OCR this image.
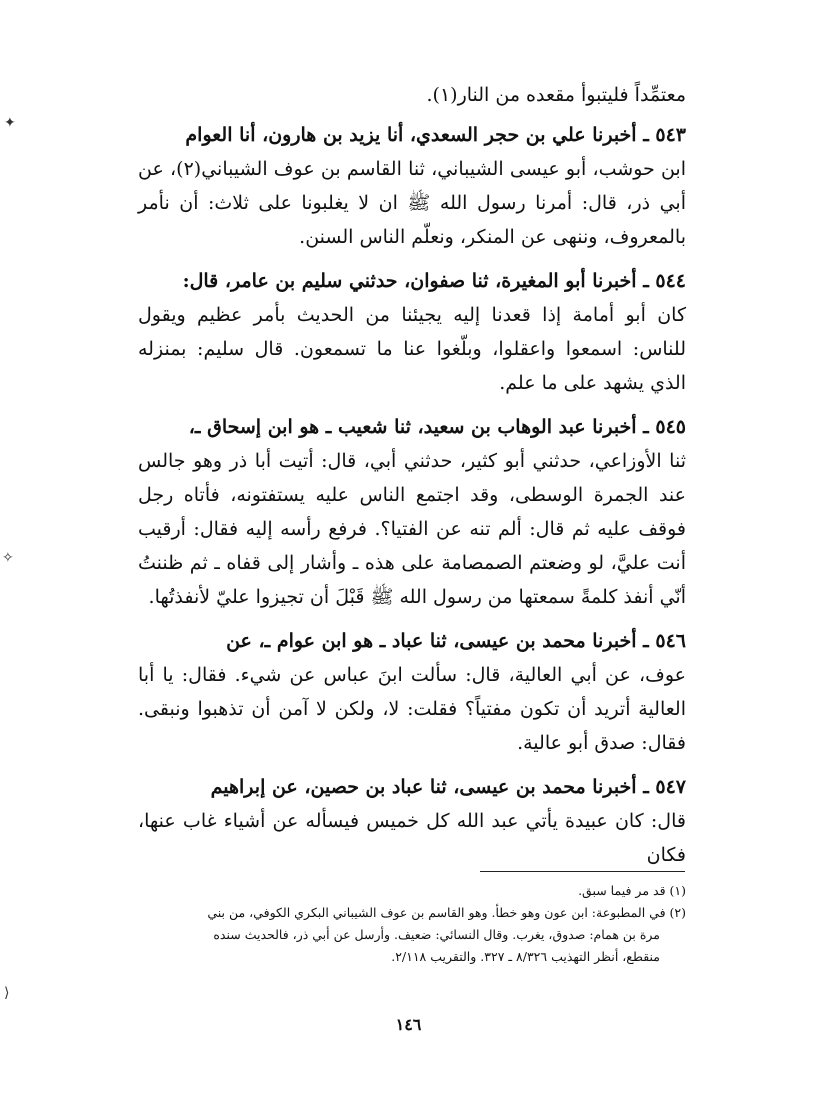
معتمِّداً فليتبوأ مقعده من النار(١).
٥٤٣ ـ أخبرنا علي بن حجر السعدي، أنا يزيد بن هارون، أنا العوام
ابن حوشب، أبو عيسى الشيباني، ثنا القاسم بن عوف الشيباني(٢)، عن أبي ذر، قال: أمرنا رسول الله ﷺ ان لا يغلبونا على ثلاث: أن نأمر بالمعروف، وننهى عن المنكر، ونعلّم الناس السنن.
٥٤٤ ـ أخبرنا أبو المغيرة، ثنا صفوان، حدثني سليم بن عامر، قال:
كان أبو أمامة إذا قعدنا إليه يجيئنا من الحديث بأمر عظيم ويقول للناس: اسمعوا واعقلوا، وبلّغوا عنا ما تسمعون. قال سليم: بمنزله الذي يشهد على ما علم.
٥٤٥ ـ أخبرنا عبد الوهاب بن سعيد، ثنا شعيب ـ هو ابن إسحاق ـ،
ثنا الأوزاعي، حدثني أبو كثير، حدثني أبي، قال: أتيت أبا ذر وهو جالس عند الجمرة الوسطى، وقد اجتمع الناس عليه يستفتونه، فأتاه رجل فوقف عليه ثم قال: ألم تنه عن الفتيا؟. فرفع رأسه إليه فقال: أرقيب أنت عليَّ، لو وضعتم الصمصامة على هذه ـ وأشار إلى قفاه ـ ثم ظننتُ أنّي أنفذ كلمةً سمعتها من رسول الله ﷺ قَبْلَ أن تجيزوا عليّ لأنفذتُها.
٥٤٦ ـ أخبرنا محمد بن عيسى، ثنا عباد ـ هو ابن عوام ـ، عن
عوف، عن أبي العالية، قال: سألت ابنَ عباس عن شيء. فقال: يا أبا العالية أتريد أن تكون مفتياً؟ فقلت: لا، ولكن لا آمن أن تذهبوا ونبقى. فقال: صدق أبو عالية.
٥٤٧ ـ أخبرنا محمد بن عيسى، ثنا عباد بن حصين، عن إبراهيم
قال: كان عبيدة يأتي عبد الله كل خميس فيسأله عن أشياء غاب عنها، فكان

(١) قد مر فيما سبق.

(٢) في المطبوعة: ابن عون وهو خطأ. وهو القاسم بن عوف الشيباني البكري الكوفي، من بني

مرة بن همام: صدوق، يغرب. وقال النسائي: ضعيف. وأرسل عن أبي ذر، فالحديث سنده

منقطع، أنظر التهذيب ٨/٣٢٦ ـ ٣٢٧. والتقريب ٢/١١٨.

١٤٦
✦
✧
⟩
